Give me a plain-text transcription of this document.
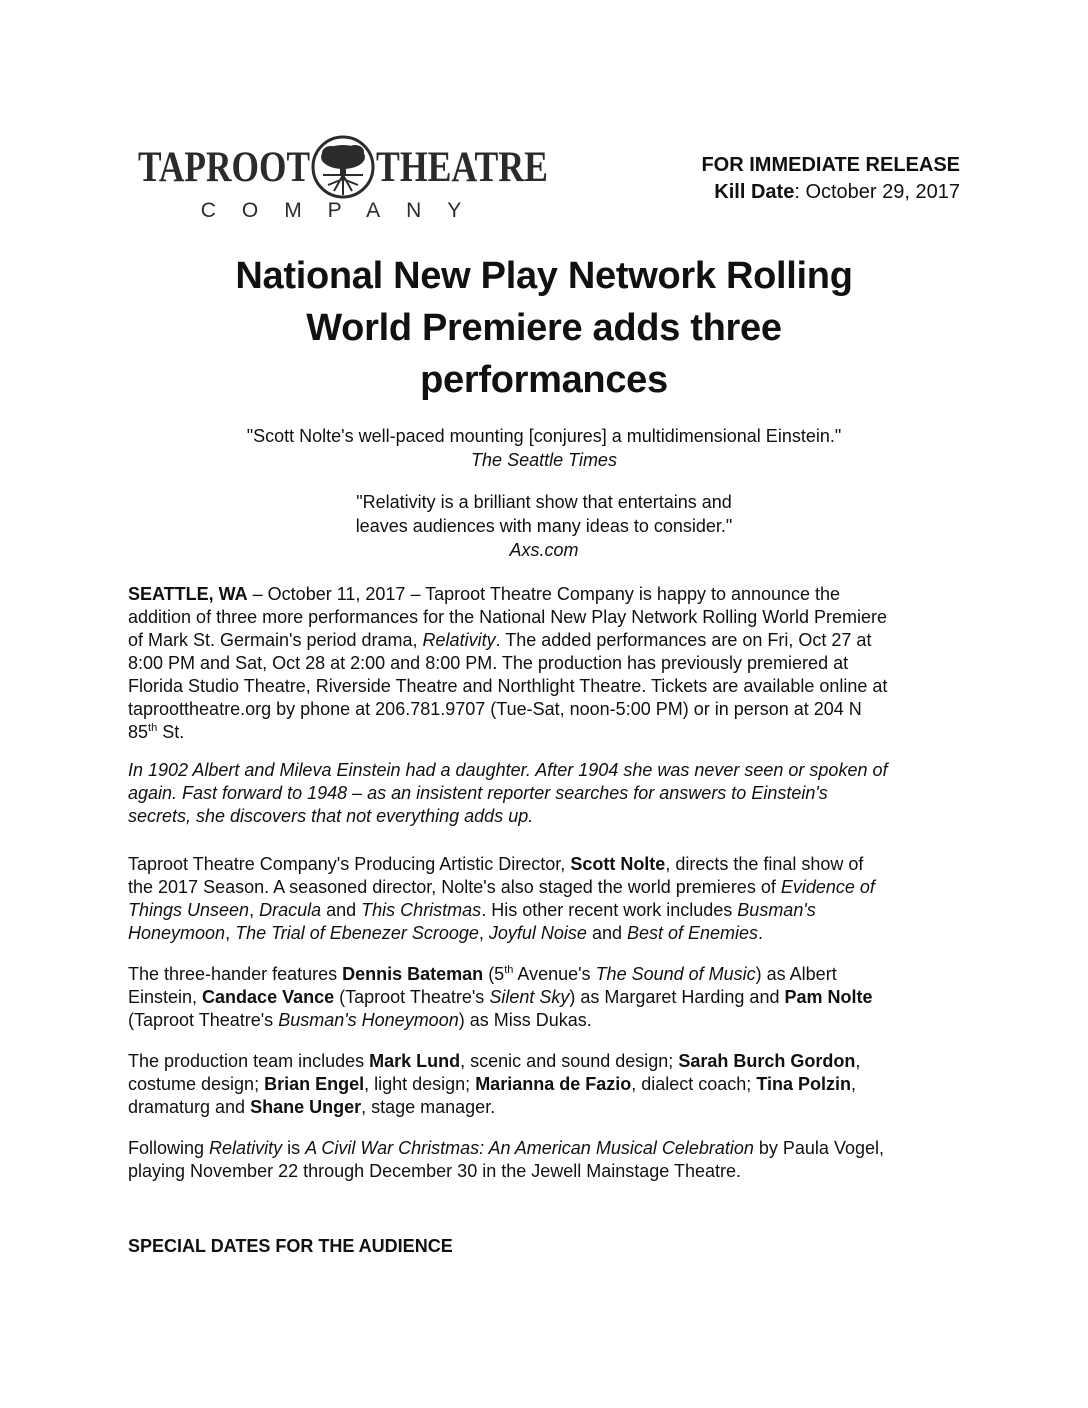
TAPROOT THEATRE
COMPANY
FOR IMMEDIATE RELEASE
Kill Date: October 29, 2017
National New Play Network Rolling
World Premiere adds three
performances
"Scott Nolte's well-paced mounting [conjures] a multidimensional Einstein."
The Seattle Times
"Relativity is a brilliant show that entertains and
leaves audiences with many ideas to consider."
Axs.com
SEATTLE, WA – October 11, 2017 – Taproot Theatre Company is happy to announce the
addition of three more performances for the National New Play Network Rolling World Premiere
of Mark St. Germain's period drama, Relativity. The added performances are on Fri, Oct 27 at
8:00 PM and Sat, Oct 28 at 2:00 and 8:00 PM. The production has previously premiered at
Florida Studio Theatre, Riverside Theatre and Northlight Theatre. Tickets are available online at
taproottheatre.org by phone at 206.781.9707 (Tue-Sat, noon-5:00 PM) or in person at 204 N
85th St.
In 1902 Albert and Mileva Einstein had a daughter. After 1904 she was never seen or spoken of
again. Fast forward to 1948 – as an insistent reporter searches for answers to Einstein's
secrets, she discovers that not everything adds up.
Taproot Theatre Company's Producing Artistic Director, Scott Nolte, directs the final show of
the 2017 Season. A seasoned director, Nolte's also staged the world premieres of Evidence of
Things Unseen, Dracula and This Christmas. His other recent work includes Busman's
Honeymoon, The Trial of Ebenezer Scrooge, Joyful Noise and Best of Enemies.
The three-hander features Dennis Bateman (5th Avenue's The Sound of Music) as Albert
Einstein, Candace Vance (Taproot Theatre's Silent Sky) as Margaret Harding and Pam Nolte
(Taproot Theatre's Busman's Honeymoon) as Miss Dukas.
The production team includes Mark Lund, scenic and sound design; Sarah Burch Gordon,
costume design; Brian Engel, light design; Marianna de Fazio, dialect coach; Tina Polzin,
dramaturg and Shane Unger, stage manager.
Following Relativity is A Civil War Christmas: An American Musical Celebration by Paula Vogel,
playing November 22 through December 30 in the Jewell Mainstage Theatre.
SPECIAL DATES FOR THE AUDIENCE
